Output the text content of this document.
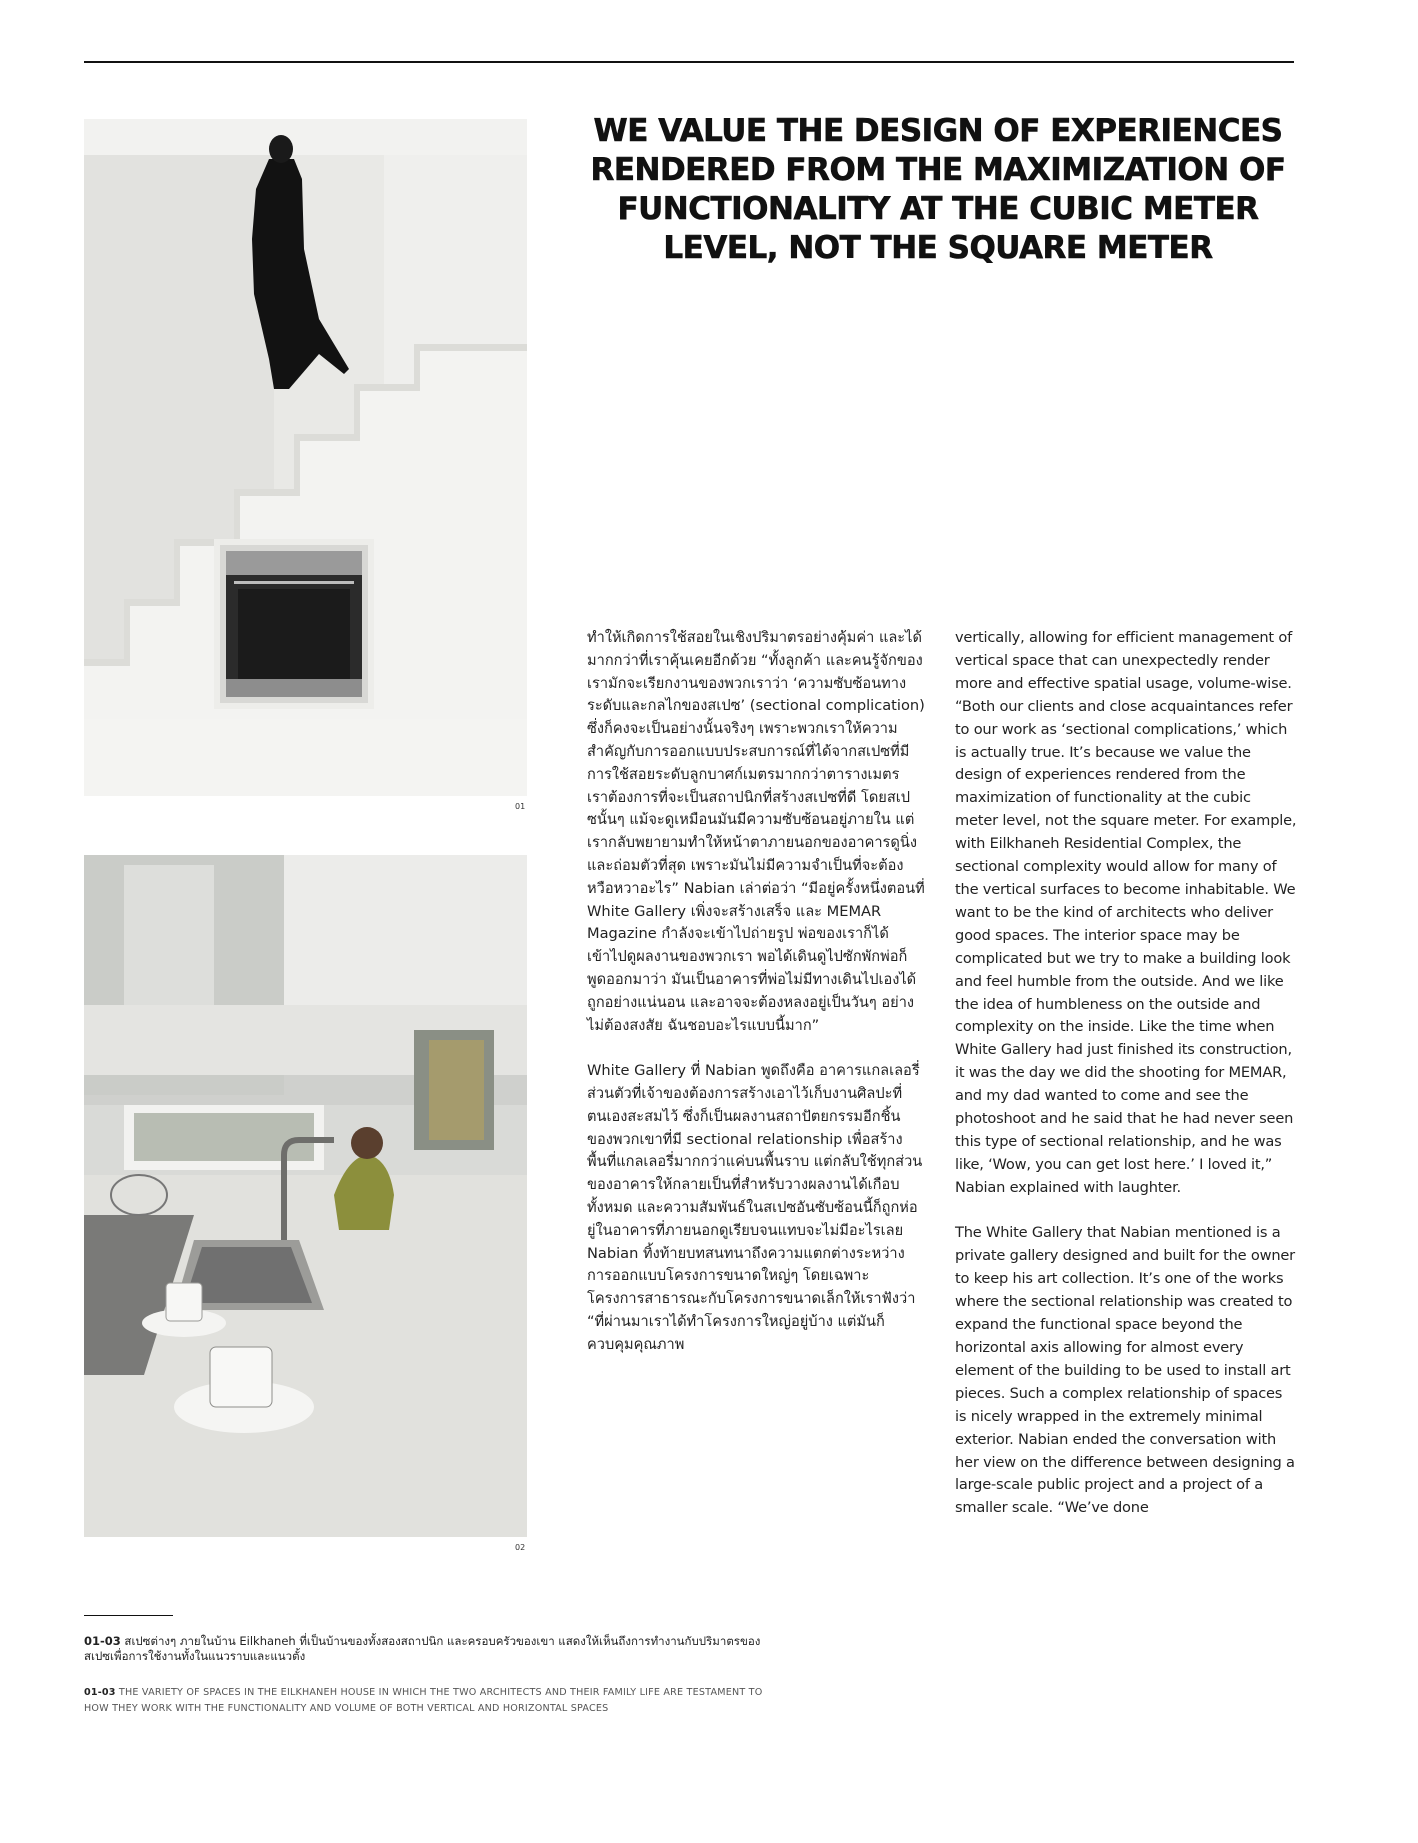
WE VALUE THE DESIGN OF EXPERIENCES RENDERED FROM THE MAXIMIZATION OF FUNCTIONALITY AT THE CUBIC METER LEVEL, NOT THE SQUARE METER
01
02

ทำให้เกิดการใช้สอยในเชิงปริมาตรอย่างคุ้มค่า และได้มากกว่าที่เราคุ้นเคยอีกด้วย “ทั้งลูกค้า และคนรู้จักของเรามักจะเรียกงานของพวกเราว่า ‘ความซับซ้อนทางระดับและกลไกของสเปซ’ (sectional complication) ซึ่งก็คงจะเป็นอย่างนั้นจริงๆ เพราะพวกเราให้ความสำคัญกับการออกแบบประสบการณ์ที่ได้จากสเปซที่มีการใช้สอยระดับลูกบาศก์เมตรมากกว่าตารางเมตร เราต้องการที่จะเป็นสถาปนิกที่สร้างสเปซที่ดี โดยสเปซนั้นๆ แม้จะดูเหมือนมันมีความซับซ้อนอยู่ภายใน แต่เรากลับพยายามทำให้หน้าตาภายนอกของอาคารดูนิ่ง และถ่อมตัวที่สุด เพราะมันไม่มีความจำเป็นที่จะต้องหวือหวาอะไร” Nabian เล่าต่อว่า “มีอยู่ครั้งหนึ่งตอนที่ White Gallery เพิ่งจะสร้างเสร็จ และ MEMAR Magazine กำลังจะเข้าไปถ่ายรูป พ่อของเราก็ได้เข้าไปดูผลงานของพวกเรา พอได้เดินดูไปซักพักพ่อก็พูดออกมาว่า มันเป็นอาคารที่พ่อไม่มีทางเดินไปเองได้ถูกอย่างแน่นอน และอาจจะต้องหลงอยู่เป็นวันๆ อย่างไม่ต้องสงสัย ฉันชอบอะไรแบบนี้มาก”

White Gallery ที่ Nabian พูดถึงคือ อาคารแกลเลอรี่ส่วนตัวที่เจ้าของต้องการสร้างเอาไว้เก็บงานศิลปะที่ตนเองสะสมไว้ ซึ่งก็เป็นผลงานสถาปัตยกรรมอีกชิ้นของพวกเขาที่มี sectional relationship เพื่อสร้างพื้นที่แกลเลอรี่มากกว่าแค่บนพื้นราบ แต่กลับใช้ทุกส่วนของอาคารให้กลายเป็นที่สำหรับวางผลงานได้เกือบทั้งหมด และความสัมพันธ์ในสเปซอันซับซ้อนนี้ก็ถูกห่อยู่ในอาคารที่ภายนอกดูเรียบจนแทบจะไม่มีอะไรเลย Nabian ทิ้งท้ายบทสนทนาถึงความแตกต่างระหว่างการออกแบบโครงการขนาดใหญ่ๆ โดยเฉพาะโครงการสาธารณะกับโครงการขนาดเล็กให้เราฟังว่า “ที่ผ่านมาเราได้ทำโครงการใหญ่อยู่บ้าง แต่มันก็ควบคุมคุณภาพ

vertically, allowing for efficient management of vertical space that can unexpectedly render more and effective spatial usage, volume-wise. “Both our clients and close acquaintances refer to our work as ‘sectional complications,’ which is actually true. It’s because we value the design of experiences rendered from the maximization of functionality at the cubic meter level, not the square meter. For example, with Eilkhaneh Residential Complex, the sectional complexity would allow for many of the vertical surfaces to become inhabitable. We want to be the kind of architects who deliver good spaces. The interior space may be complicated but we try to make a building look and feel humble from the outside. And we like the idea of humbleness on the outside and complexity on the inside. Like the time when White Gallery had just finished its construction, it was the day we did the shooting for MEMAR, and my dad wanted to come and see the photoshoot and he said that he had never seen this type of sectional relationship, and he was like, ‘Wow, you can get lost here.’ I loved it,” Nabian explained with laughter.

The White Gallery that Nabian mentioned is a private gallery designed and built for the owner to keep his art collection. It’s one of the works where the sectional relationship was created to expand the functional space beyond the horizontal axis allowing for almost every element of the building to be used to install art pieces. Such a complex relationship of spaces is nicely wrapped in the extremely minimal exterior. Nabian ended the conversation with her view on the difference between designing a large-scale public project and a project of a smaller scale. “We’ve done

01-03 สเปซต่างๆ ภายในบ้าน Eilkhaneh ที่เป็นบ้านของทั้งสองสถาปนิก และครอบครัวของเขา แสดงให้เห็นถึงการทำงานกับปริมาตรของสเปซเพื่อการใช้งานทั้งในแนวราบและแนวตั้ง
01-03 THE VARIETY OF SPACES IN THE EILKHANEH HOUSE IN WHICH THE TWO ARCHITECTS AND THEIR FAMILY LIFE ARE TESTAMENT TO HOW THEY WORK WITH THE FUNCTIONALITY AND VOLUME OF BOTH VERTICAL AND HORIZONTAL SPACES
